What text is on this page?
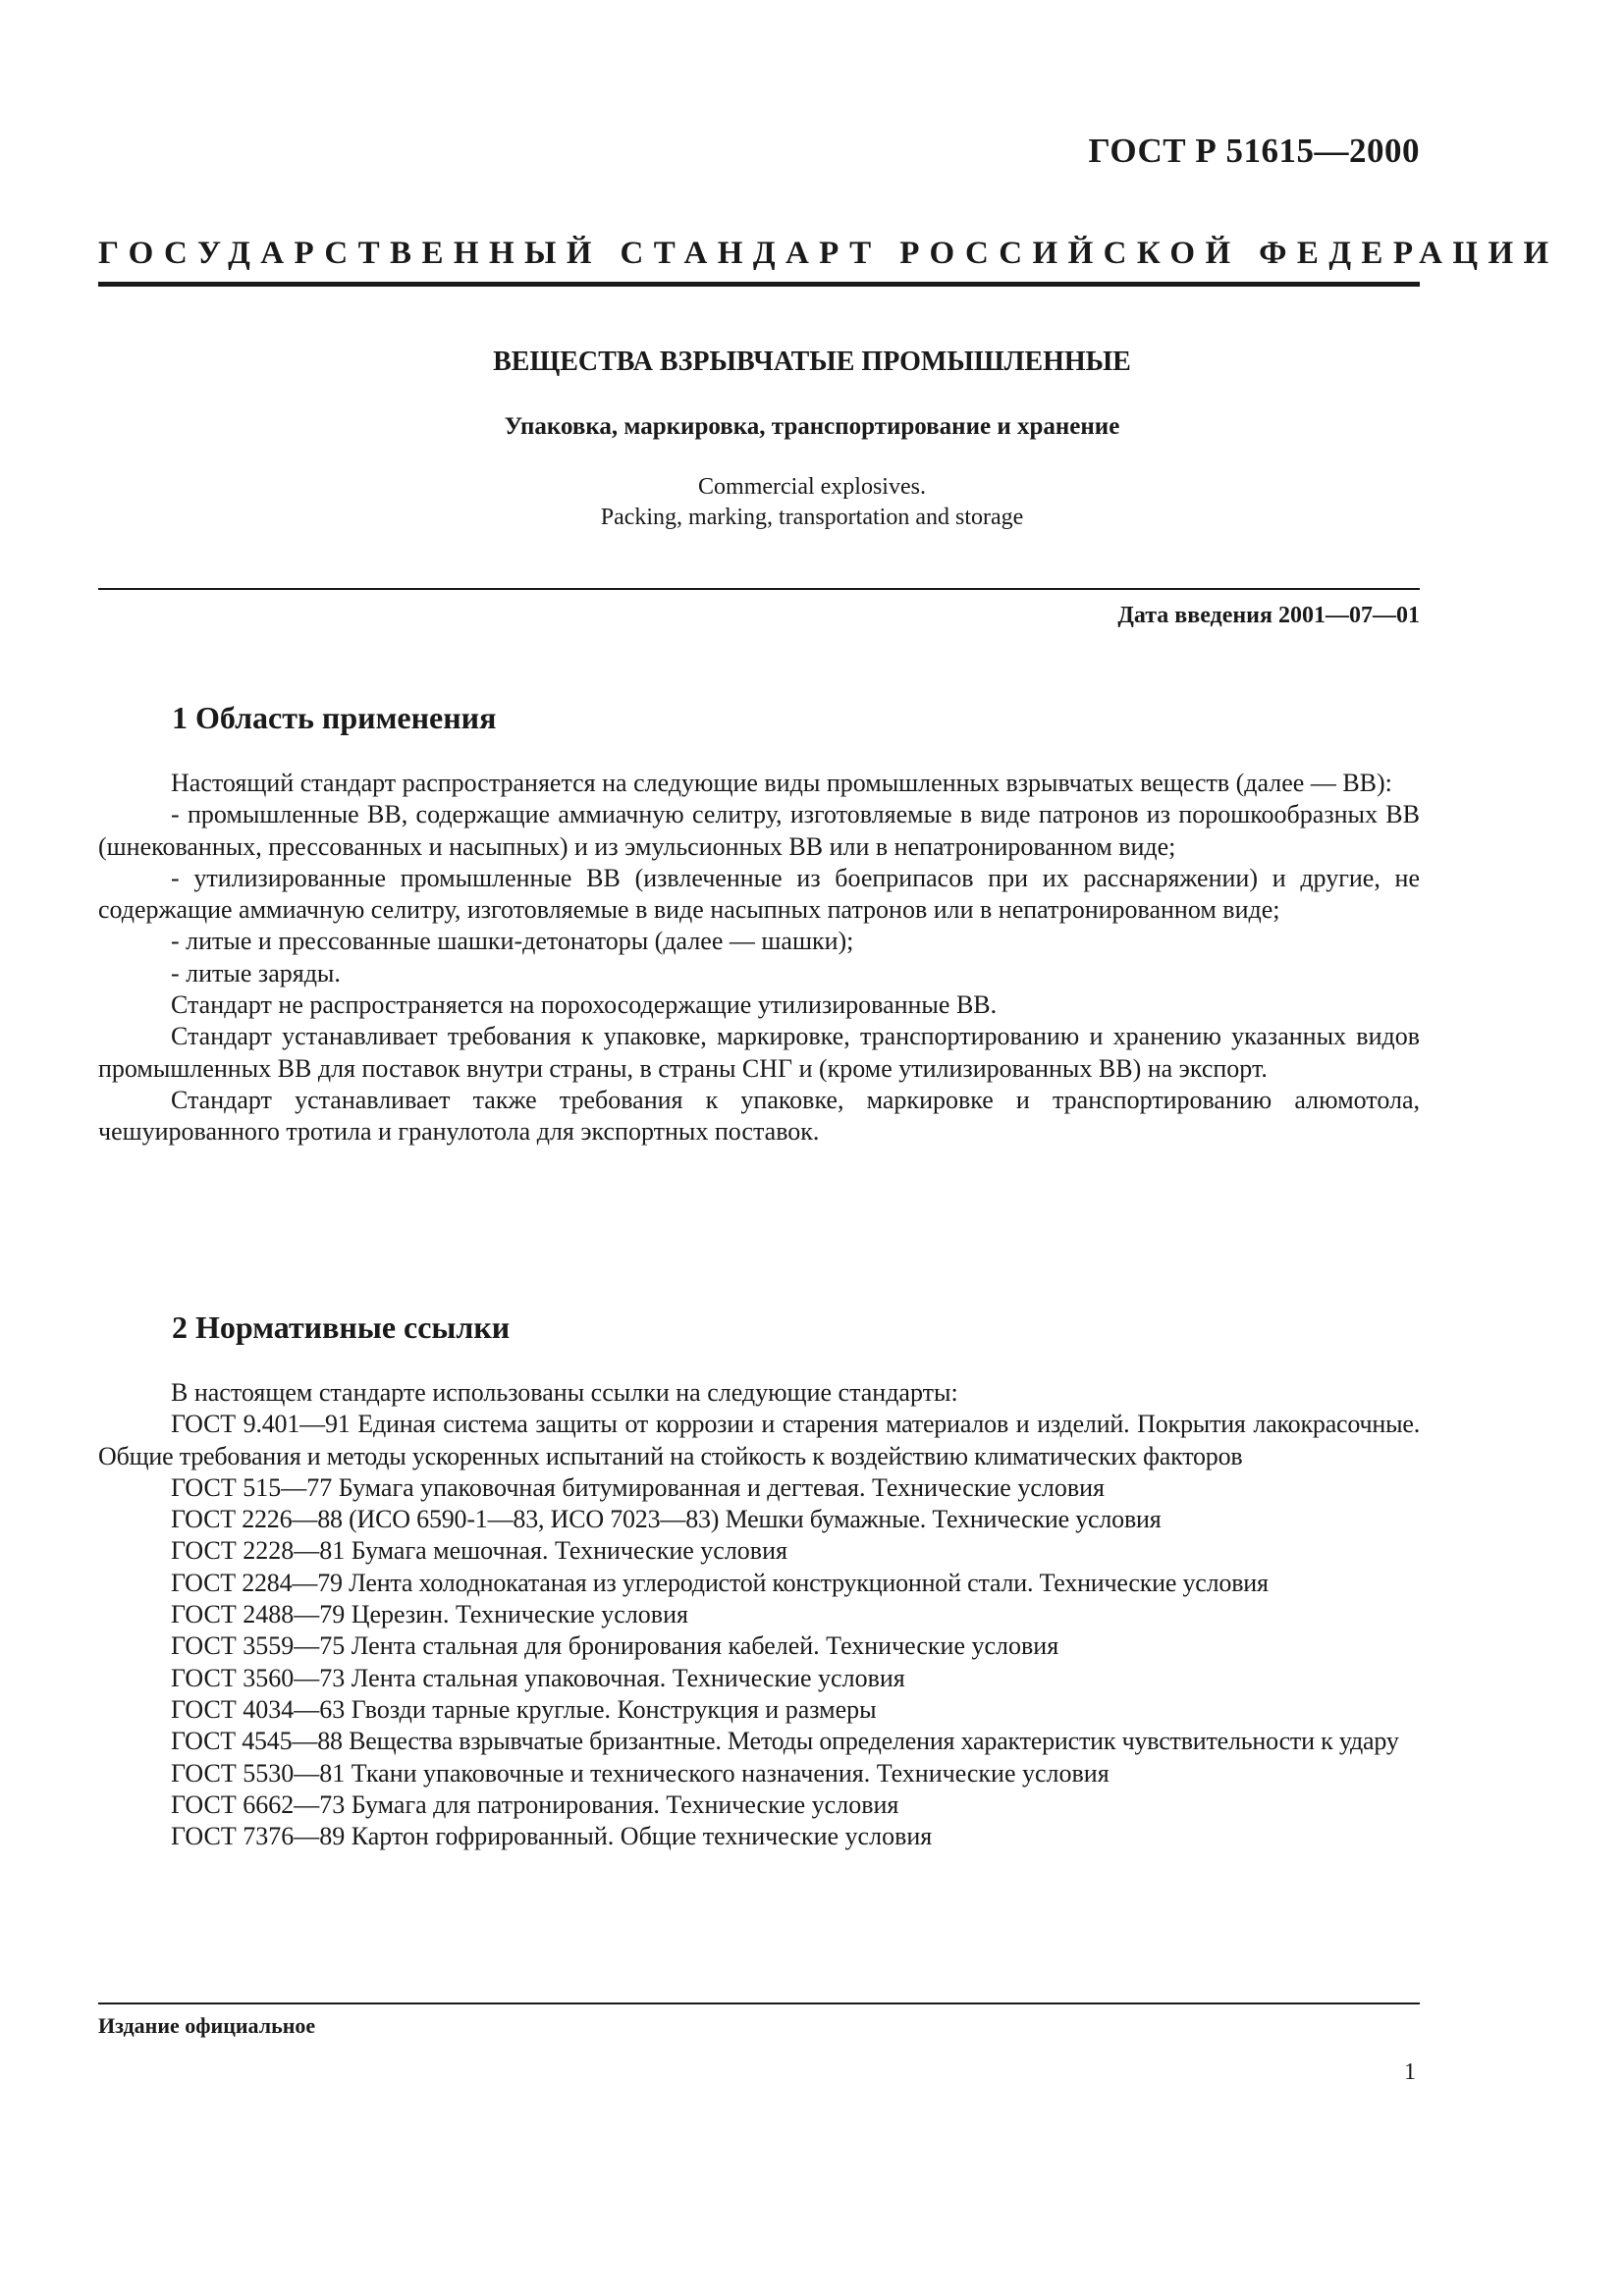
ГОСТ Р 51615—2000
ГОСУДАРСТВЕННЫЙ СТАНДАРТ РОССИЙСКОЙ ФЕДЕРАЦИИ
ВЕЩЕСТВА ВЗРЫВЧАТЫЕ ПРОМЫШЛЕННЫЕ
Упаковка, маркировка, транспортирование и хранение
Commercial explosives.
Packing, marking, transportation and storage
Дата введения 2001—07—01
1 Область применения

Настоящий стандарт распространяется на следующие виды промышленных взрывчатых веществ (далее — ВВ):

- промышленные ВВ, содержащие аммиачную селитру, изготовляемые в виде патронов из порошкообразных ВВ (шнекованных, прессованных и насыпных) и из эмульсионных ВВ или в непатронированном виде;

- утилизированные промышленные ВВ (извлеченные из боеприпасов при их расснаряжении) и другие, не содержащие аммиачную селитру, изготовляемые в виде насыпных патронов или в непатронированном виде;

- литые и прессованные шашки-детонаторы (далее — шашки);

- литые заряды.

Стандарт не распространяется на порохосодержащие утилизированные ВВ.

Стандарт устанавливает требования к упаковке, маркировке, транспортированию и хранению указанных видов промышленных ВВ для поставок внутри страны, в страны СНГ и (кроме утилизированных ВВ) на экспорт.

Стандарт устанавливает также требования к упаковке, маркировке и транспортированию алюмотола, чешуированного тротила и гранулотола для экспортных поставок.

2 Нормативные ссылки

В настоящем стандарте использованы ссылки на следующие стандарты:

ГОСТ 9.401—91 Единая система защиты от коррозии и старения материалов и изделий. Покрытия лакокрасочные. Общие требования и методы ускоренных испытаний на стойкость к воздействию климатических факторов

ГОСТ 515—77 Бумага упаковочная битумированная и дегтевая. Технические условия

ГОСТ 2226—88 (ИСО 6590-1—83, ИСО 7023—83) Мешки бумажные. Технические условия

ГОСТ 2228—81 Бумага мешочная. Технические условия

ГОСТ 2284—79 Лента холоднокатаная из углеродистой конструкционной стали. Технические условия

ГОСТ 2488—79 Церезин. Технические условия

ГОСТ 3559—75 Лента стальная для бронирования кабелей. Технические условия

ГОСТ 3560—73 Лента стальная упаковочная. Технические условия

ГОСТ 4034—63 Гвозди тарные круглые. Конструкция и размеры

ГОСТ 4545—88 Вещества взрывчатые бризантные. Методы определения характеристик чувствительности к удару

ГОСТ 5530—81 Ткани упаковочные и технического назначения. Технические условия

ГОСТ 6662—73 Бумага для патронирования. Технические условия

ГОСТ 7376—89 Картон гофрированный. Общие технические условия

Издание официальное
1
